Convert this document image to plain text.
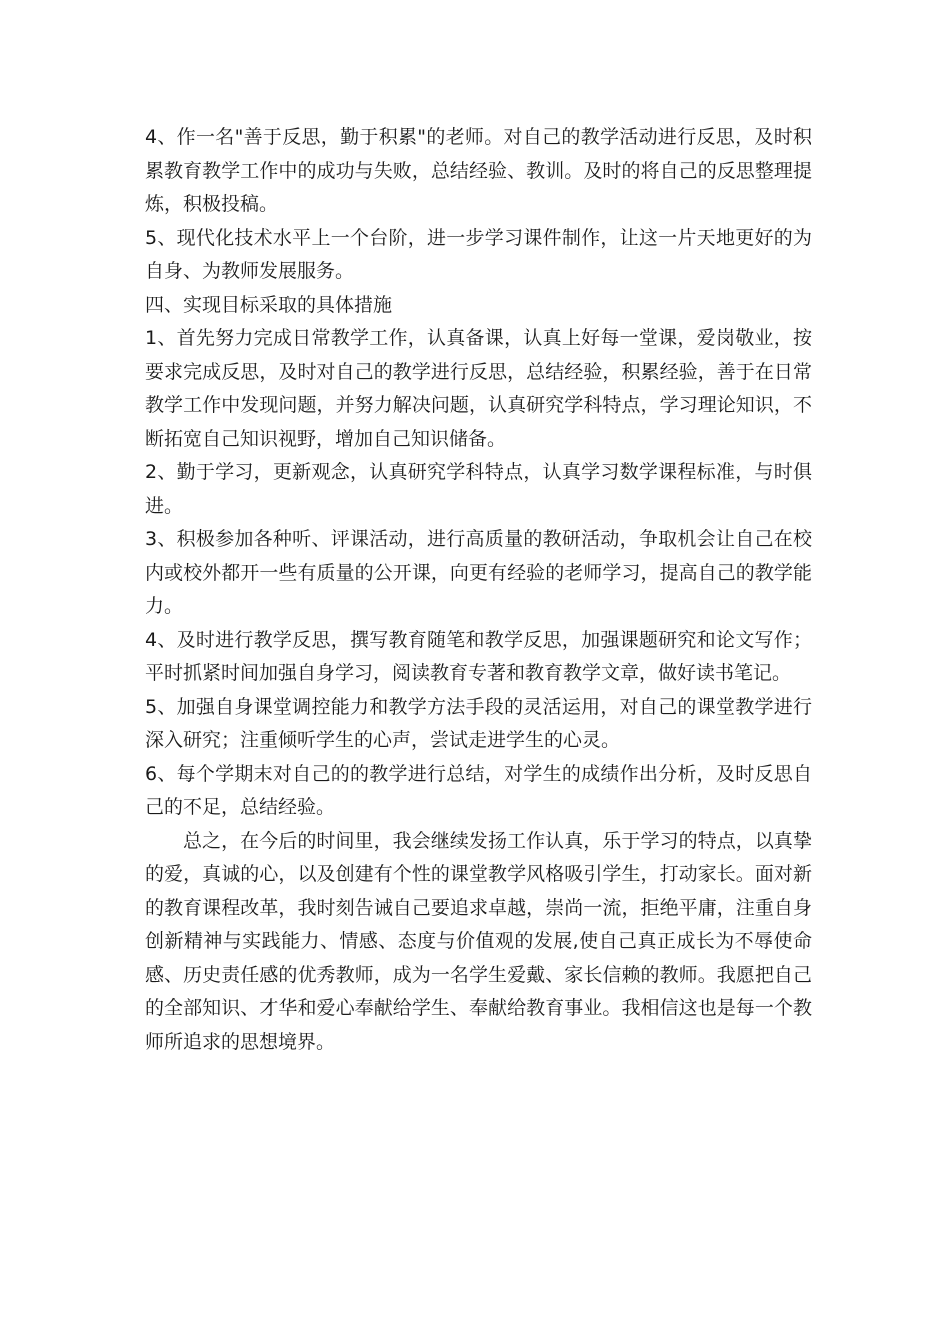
4、作一名"善于反思，勤于积累"的老师。对自己的教学活动进行反思，及时积累教育教学工作中的成功与失败，总结经验、教训。及时的将自己的反思整理提炼，积极投稿。

5、现代化技术水平上一个台阶，进一步学习课件制作，让这一片天地更好的为自身、为教师发展服务。

四、实现目标采取的具体措施

1、首先努力完成日常教学工作，认真备课，认真上好每一堂课，爱岗敬业，按要求完成反思，及时对自己的教学进行反思，总结经验，积累经验，善于在日常教学工作中发现问题，并努力解决问题，认真研究学科特点，学习理论知识，不断拓宽自己知识视野，增加自己知识储备。

2、勤于学习，更新观念，认真研究学科特点，认真学习数学课程标准，与时俱进。

3、积极参加各种听、评课活动，进行高质量的教研活动，争取机会让自己在校内或校外都开一些有质量的公开课，向更有经验的老师学习，提高自己的教学能力。

4、及时进行教学反思，撰写教育随笔和教学反思，加强课题研究和论文写作；平时抓紧时间加强自身学习，阅读教育专著和教育教学文章，做好读书笔记。

5、加强自身课堂调控能力和教学方法手段的灵活运用，对自己的课堂教学进行深入研究；注重倾听学生的心声，尝试走进学生的心灵。

6、每个学期末对自己的的教学进行总结，对学生的成绩作出分析，及时反思自己的不足，总结经验。

总之，在今后的时间里，我会继续发扬工作认真，乐于学习的特点，以真挚的爱，真诚的心，以及创建有个性的课堂教学风格吸引学生，打动家长。面对新的教育课程改革，我时刻告诫自己要追求卓越，崇尚一流，拒绝平庸，注重自身创新精神与实践能力、情感、态度与价值观的发展,使自己真正成长为不辱使命感、历史责任感的优秀教师，成为一名学生爱戴、家长信赖的教师。我愿把自己的全部知识、才华和爱心奉献给学生、奉献给教育事业。我相信这也是每一个教师所追求的思想境界。
